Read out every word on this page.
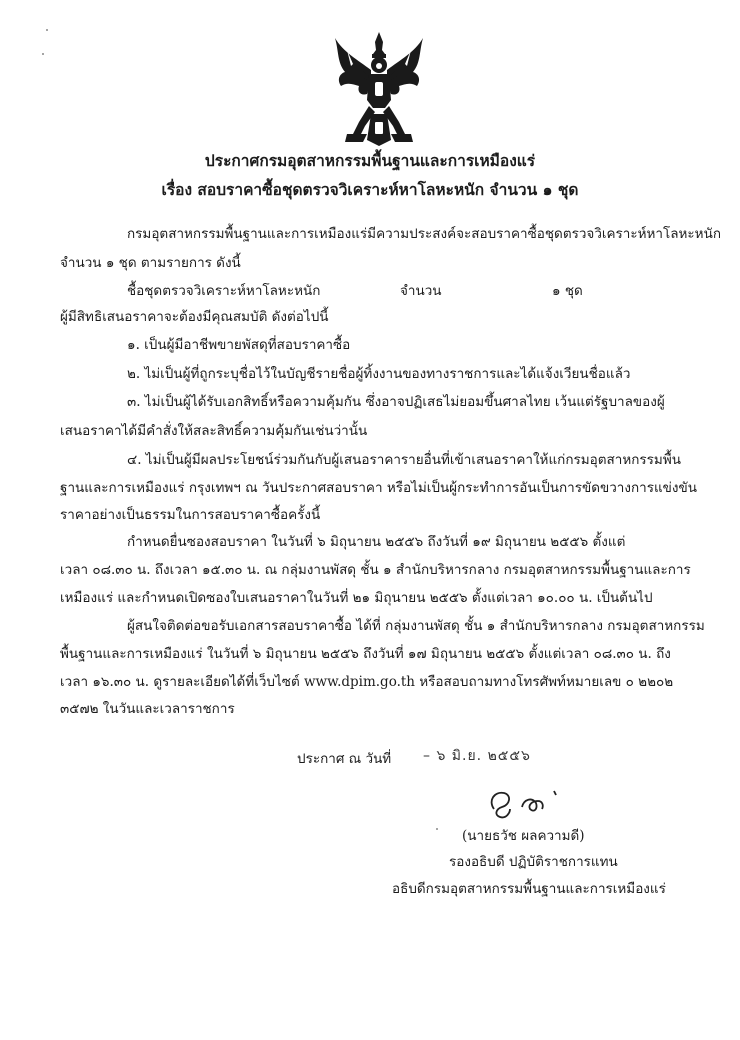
ประกาศกรมอุตสาหกรรมพื้นฐานและการเหมืองแร่
เรื่อง สอบราคาซื้อชุดตรวจวิเคราะห์หาโลหะหนัก จำนวน ๑ ชุด
กรมอุตสาหกรรมพื้นฐานและการเหมืองแร่มีความประสงค์จะสอบราคาซื้อชุดตรวจวิเคราะห์หาโลหะหนัก
จำนวน ๑ ชุด ตามรายการ ดังนี้
ชื้อชุดตรวจวิเคราะห์หาโลหะหนัก	จำนวน	๑ ชุด
ผู้มีสิทธิเสนอราคาจะต้องมีคุณสมบัติ ดังต่อไปนี้
๑. เป็นผู้มีอาชีพขายพัสดุที่สอบราคาซื้อ
๒. ไม่เป็นผู้ที่ถูกระบุชื่อไว้ในบัญชีรายชื่อผู้ทิ้งงานของทางราชการและได้แจ้งเวียนชื่อแล้ว
๓. ไม่เป็นผู้ได้รับเอกสิทธิ์หรือความคุ้มกัน ซึ่งอาจปฏิเสธไม่ยอมขึ้นศาลไทย เว้นแต่รัฐบาลของผู้
เสนอราคาได้มีคำสั่งให้สละสิทธิ์ความคุ้มกันเช่นว่านั้น
๔. ไม่เป็นผู้มีผลประโยชน์ร่วมกันกับผู้เสนอราคารายอื่นที่เข้าเสนอราคาให้แก่กรมอุตสาหกรรมพื้น
ฐานและการเหมืองแร่ กรุงเทพฯ ณ วันประกาศสอบราคา หรือไม่เป็นผู้กระทำการอันเป็นการขัดขวางการแข่งขัน
ราคาอย่างเป็นธรรมในการสอบราคาซื้อครั้งนี้
กำหนดยื่นซองสอบราคา ในวันที่ ๖ มิถุนายน ๒๕๕๖ ถึงวันที่ ๑๙ มิถุนายน ๒๕๕๖ ตั้งแต่
เวลา ๐๘.๓๐ น. ถึงเวลา ๑๕.๓๐ น. ณ กลุ่มงานพัสดุ ชั้น ๑ สำนักบริหารกลาง กรมอุตสาหกรรมพื้นฐานและการ
เหมืองแร่ และกำหนดเปิดซองใบเสนอราคาในวันที่ ๒๑ มิถุนายน ๒๕๕๖ ตั้งแต่เวลา ๑๐.๐๐ น. เป็นต้นไป
ผู้สนใจติดต่อขอรับเอกสารสอบราคาซื้อ ได้ที่ กลุ่มงานพัสดุ ชั้น ๑ สำนักบริหารกลาง กรมอุตสาหกรรม
พื้นฐานและการเหมืองแร่ ในวันที่ ๖ มิถุนายน ๒๕๕๖ ถึงวันที่ ๑๗ มิถุนายน ๒๕๕๖ ตั้งแต่เวลา ๐๘.๓๐ น. ถึง
เวลา ๑๖.๓๐ น. ดูรายละเอียดได้ที่เว็บไซต์ www.dpim.go.th หรือสอบถามทางโทรศัพท์หมายเลข ๐ ๒๒๐๒
๓๕๗๒ ในวันและเวลาราชการ
ประกาศ ณ วันที่ – ๖ มิ.ย. ๒๕๕๖
(นายธวัช ผลความดี)
รองอธิบดี ปฏิบัติราชการแทน
อธิบดีกรมอุตสาหกรรมพื้นฐานและการเหมืองแร่
